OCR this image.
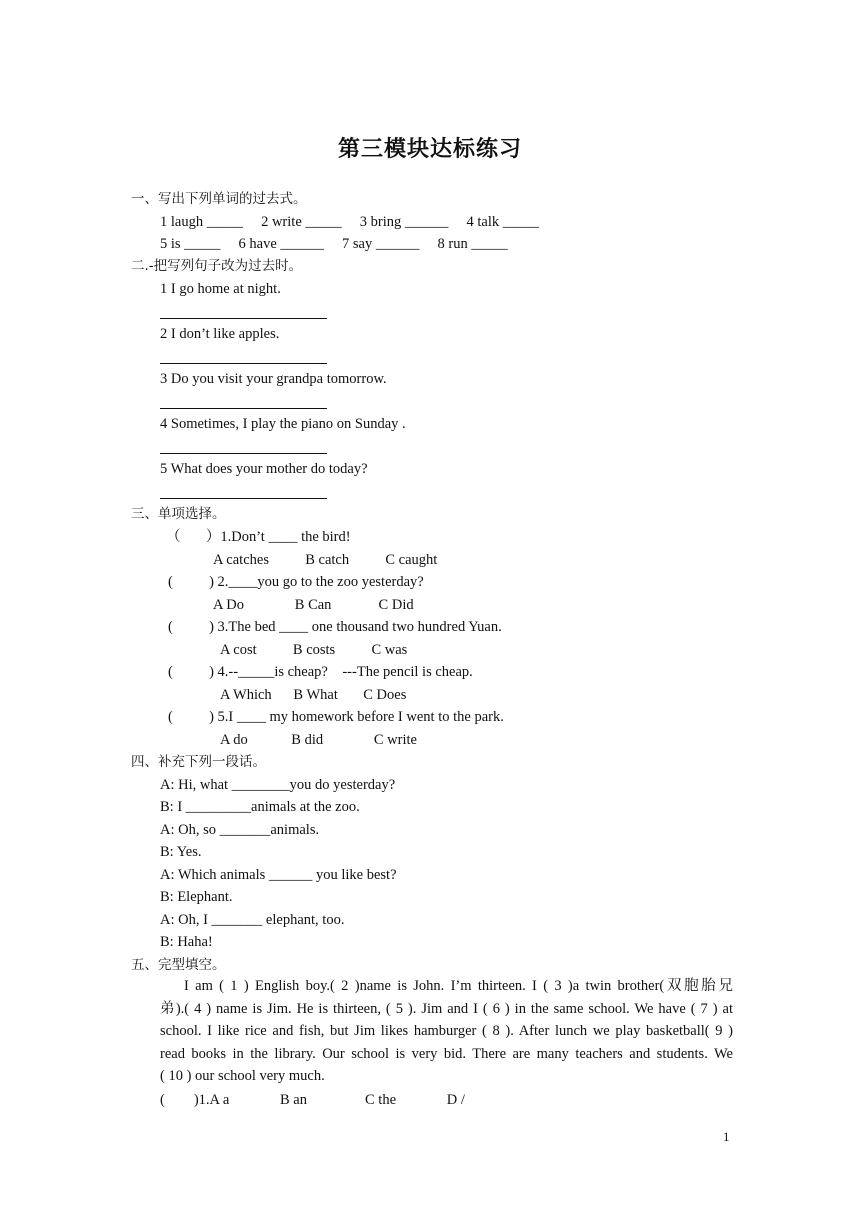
第三模块达标练习
一、写出下列单词的过去式。
1 laugh _____     2 write _____     3 bring ______     4 talk _____
5 is _____     6 have ______     7 say ______     8 run _____
二.-把写列句子改为过去时。
1 I go home at night.
2 I don’t like apples.
3 Do you visit your grandpa tomorrow.
4 Sometimes, I play the piano on Sunday .
5 What does your mother do today?
三、单项选择。
（       ）1.Don’t ____ the bird!
A catches          B catch          C caught
(          ) 2.____you go to the zoo yesterday?
A Do              B Can             C Did
(          ) 3.The bed ____ one thousand two hundred Yuan.
A cost          B costs          C was
(          ) 4.--_____is cheap?    ---The pencil is cheap.
A Which      B What       C Does
(          ) 5.I ____ my homework before I went to the park.
A do            B did              C write
四、补充下列一段话。
A: Hi, what ________you do yesterday?
B: I _________animals at the zoo.
A: Oh, so _______animals.
B: Yes.
A: Which animals ______ you like best?
B: Elephant.
A: Oh, I _______ elephant, too.
B: Haha!
五、完型填空。
I am ( 1 ) English boy.( 2 )name is John. I’m thirteen. I ( 3 )a twin brother(双胞胎兄
弟).( 4 ) name is Jim. He is thirteen, ( 5 ). Jim and I ( 6 ) in the same school. We have ( 7 ) at
school. I like rice and fish, but Jim likes hamburger ( 8 ). After lunch we play basketball( 9 )
read books in the library. Our school is very bid. There are many teachers and students. We
( 10 ) our school very much.
(        )1.A a              B an                C the              D /
1
